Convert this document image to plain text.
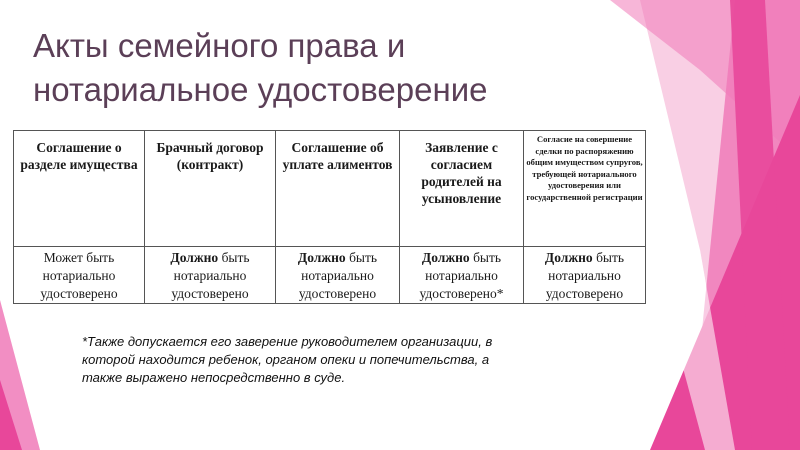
Акты семейного права и
нотариальное удостоверение
Соглашение о разделе имущества	Брачный договор (контракт)	Соглашение об уплате алиментов	Заявление с согласием родителей на усыновление	Согласие на совершение сделки по распоряжению общим имуществом супругов, требующей нотариального удостоверения или государственной регистрации
Может быть нотариально удостоверено	Должно быть нотариально удостоверено	Должно быть нотариально удостоверено	Должно быть нотариально удостоверено*	Должно быть нотариально удостоверено

*Также допускается его заверение руководителем организации, в которой находится ребенок, органом опеки и попечительства, а также выражено непосредственно в суде.
